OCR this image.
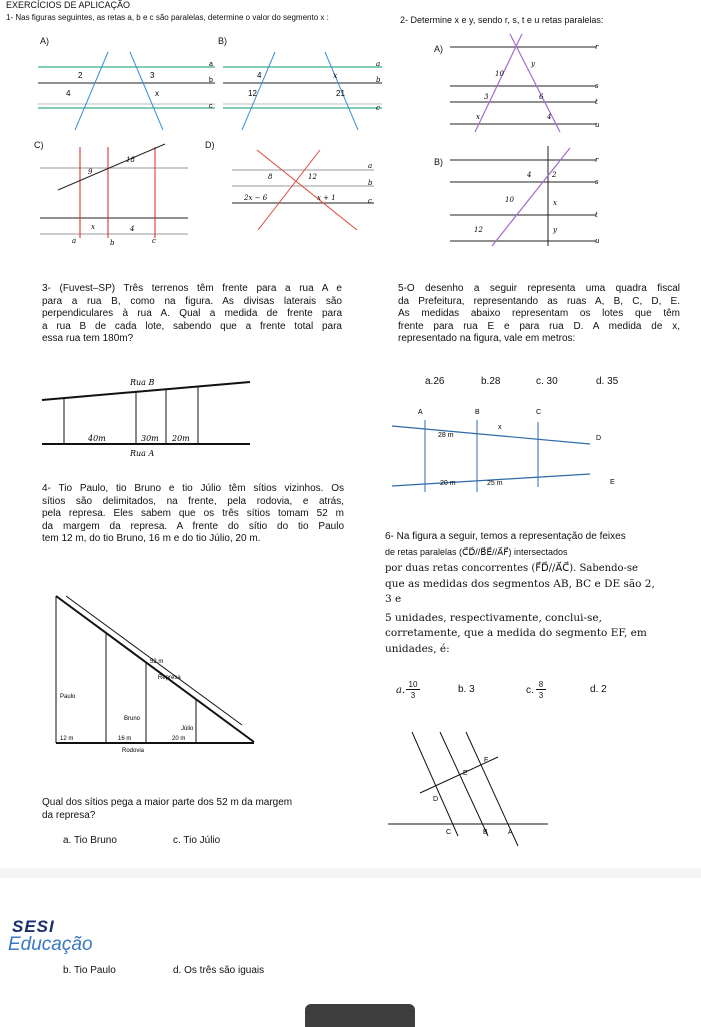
EXERCÍCIOS DE APLICAÇÃO
1- Nas figuras seguintes, as retas a, b e c são paralelas, determine o valor do segmento x :	2- Determine x e y, sendo r, s, t e u retas paralelas:
A)
2	3
4	x
a
b
c
B)
4	x
12	21
a
b
c
C)
9
18
x	4
a	b	c
D)
8	12
2x − 6	x + 1
a
b
c
A)
10
y
3	6
x	4
r
s
t
u
B)
4	2
10	x
12	y
r
s
t
u
3- (Fuvest–SP) Três terrenos têm frente para a rua A e
para a rua B, como na figura. As divisas laterais são
perpendiculares à rua A. Qual a medida de frente para
a rua B de cada lote, sabendo que a frente total para
essa rua tem 180m?
Rua B
Rua A
40m	30m 20m
4- Tio Paulo, tio Bruno e tio Júlio têm sítios vizinhos. Os
sítios são delimitados, na frente, pela rodovia, e atrás,
pela represa. Eles sabem que os três sítios tomam 52 m
da margem da represa. A frente do sítio do tio Paulo
tem 12 m, do tio Bruno, 16 m e do tio Júlio, 20 m.
52 m
Represa
Paulo
Bruno
Júlio
12 m	16 m	20 m
Rodovia
Qual dos sítios pega a maior parte dos 52 m da margem
da represa?
a. Tio Bruno	c. Tio Júlio
5-O desenho a seguir representa uma quadra fiscal
da Prefeitura, representando as ruas A, B, C, D, E.
As medidas abaixo representam os lotes que têm
frente para rua E e para rua D. A medida de x,
representado na figura, vale em metros:
a.26	b.28	c. 30	d. 35
A	B	C
D
E
28 m
x
20 m	25 m
6- Na figura a seguir, temos a representação de feixes
de retas paralelas (C⃗D⃗//B⃗E⃗//A⃗F⃗) intersectados
por duas retas concorrentes (F⃗D⃗//A⃗C⃗). Sabendo-se
que as medidas dos segmentos AB, BC e DE são 2,
3 e
5 unidades, respectivamente, conclui-se,
corretamente, que a medida do segmento EF, em
unidades, é:
a.
10
3
b. 3	c.
8
3
d. 2
F
E
D
C	B	A
SESI
Educação
b. Tio Paulo	d. Os três são iguais
